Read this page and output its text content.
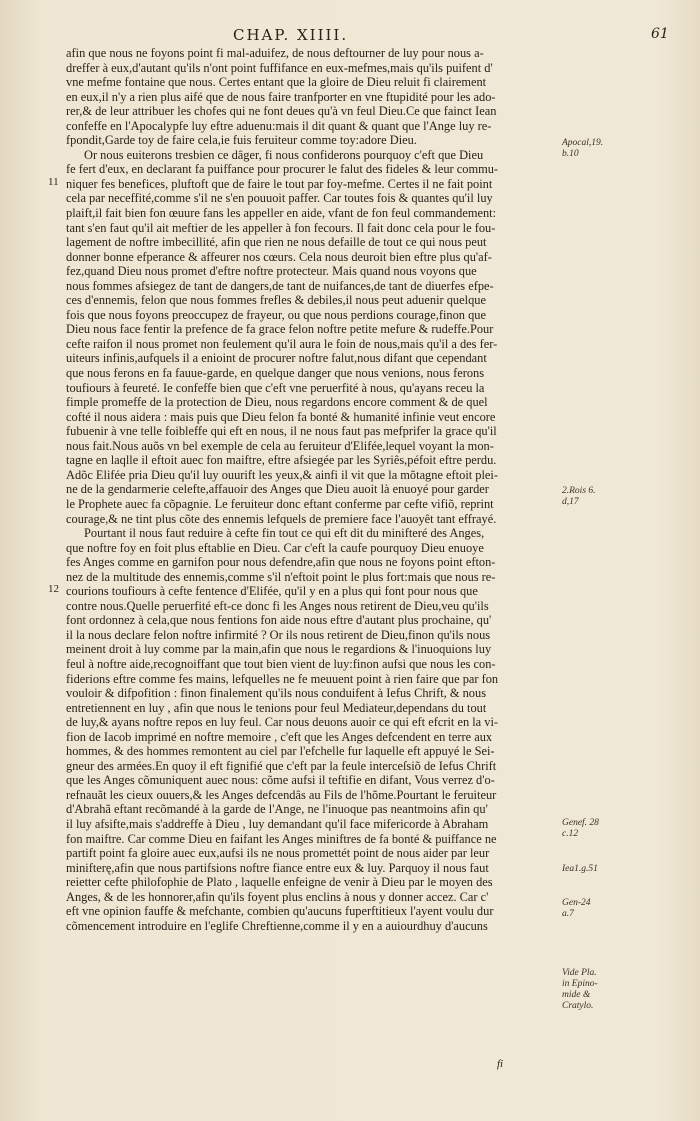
CHAP. XIIII.	61
afin que nous ne foyons point fi mal-aduifez, de nous deftourner de luy pour nous a-
dreffer à eux,d'autant qu'ils n'ont point fuffifance en eux-mefmes,mais qu'ils puifent d'
vne mefme fontaine que nous. Certes entant que la gloire de Dieu reluit fi clairement
en eux,il n'y a rien plus aifé que de nous faire tranfporter en vne ftupidité pour les ado-
rer,& de leur attribuer les chofes qui ne font deues qu'à vn feul Dieu.Ce que fainct Iean
confeffe en l'Apocalypfe luy eftre aduenu:mais il dit quant & quant que l'Ange luy re-
fpondit,Garde toy de faire cela,ie fuis feruiteur comme toy:adore Dieu.
Or nous euiterons tresbien ce dâger, fi nous confiderons pourquoy c'eft que Dieu
fe fert d'eux, en declarant fa puiffance pour procurer le falut des fideles & leur commu-
niquer fes benefices, pluftoft que de faire le tout par foy-mefme. Certes il ne fait point
cela par neceffité,comme s'il ne s'en pouuoit paffer. Car toutes fois & quantes qu'il luy
plaift,il fait bien fon œuure fans les appeller en aide, vfant de fon feul commandement:
tant s'en faut qu'il ait meftier de les appeller à fon fecours. Il fait donc cela pour le fou-
lagement de noftre imbecillité, afin que rien ne nous defaille de tout ce qui nous peut
donner bonne efperance & affeurer nos cœurs. Cela nous deuroit bien eftre plus qu'af-
fez,quand Dieu nous promet d'eftre noftre protecteur. Mais quand nous voyons que
nous fommes afsiegez de tant de dangers,de tant de nuifances,de tant de diuerfes efpe-
ces d'ennemis, felon que nous fommes frefles & debiles,il nous peut aduenir quelque
fois que nous foyons preoccupez de frayeur, ou que nous perdions courage,finon que
Dieu nous face fentir la prefence de fa grace felon noftre petite mefure & rudeffe.Pour
cefte raifon il nous promet non feulement qu'il aura le foin de nous,mais qu'il a des fer-
uiteurs infinis,aufquels il a enioint de procurer noftre falut,nous difant que cependant
que nous ferons en fa fauue-garde, en quelque danger que nous venions, nous ferons
toufiours à feureté. Ie confeffe bien que c'eft vne peruerfité à nous, qu'ayans receu la
fimple promeffe de la protection de Dieu, nous regardons encore comment & de quel
cofté il nous aidera : mais puis que Dieu felon fa bonté & humanité infinie veut encore
fubuenir à vne telle foibleffe qui eft en nous, il ne nous faut pas mefprifer la grace qu'il
nous fait.Nous auõs vn bel exemple de cela au feruiteur d'Elifée,lequel voyant la mon-
tagne en laqlle il eftoit auec fon maiftre, eftre afsiegée par les Syriês,péfoit eftre perdu.
Adõc Elifée pria Dieu qu'il luy ouurift les yeux,& ainfi il vit que la mõtagne eftoit plei-
ne de la gendarmerie celefte,affauoir des Anges que Dieu auoit là enuoyé pour garder
le Prophete auec fa cõpagnie. Le feruiteur donc eftant conferme par cefte vifiõ, reprint
courage,& ne tint plus cõte des ennemis lefquels de premiere face l'auoyêt tant effrayé.
Pourtant il nous faut reduire à cefte fin tout ce qui eft dit du minifteré des Anges,
que noftre foy en foit plus eftablie en Dieu. Car c'eft la caufe pourquoy Dieu enuoye
fes Anges comme en garnifon pour nous defendre,afin que nous ne foyons point efton-
nez de la multitude des ennemis,comme s'il n'eftoit point le plus fort:mais que nous re-
courions toufiours à cefte fentence d'Elifée, qu'il y en a plus qui font pour nous que
contre nous.Quelle peruerfité eft-ce donc fi les Anges nous retirent de Dieu,veu qu'ils
font ordonnez à cela,que nous fentions fon aide nous eftre d'autant plus prochaine, qu'
il la nous declare felon noftre infirmité ? Or ils nous retirent de Dieu,finon qu'ils nous
meinent droit à luy comme par la main,afin que nous le regardions & l'inuoquions luy
feul à noftre aide,recognoiffant que tout bien vient de luy:finon aufsi que nous les con-
fiderions eftre comme fes mains, lefquelles ne fe meuuent point à rien faire que par fon
vouloir & difpofition : finon finalement qu'ils nous conduifent à Iefus Chrift, & nous
entretiennent en luy , afin que nous le tenions pour feul Mediateur,dependans du tout
de luy,& ayans noftre repos en luy feul. Car nous deuons auoir ce qui eft efcrit en la vi-
fion de Iacob imprimé en noftre memoire , c'eft que les Anges defcendent en terre aux
hommes, & des hommes remontent au ciel par l'efchelle fur laquelle eft appuyé le Sei-
gneur des armées.En quoy il eft fignifié que c'eft par la feule interceſsiõ de Iefus Chrift
que les Anges cõmuniquent auec nous: cõme aufsi il teftifie en difant, Vous verrez d'o-
refnauãt les cieux ouuers,& les Anges defcendâs au Fils de l'hõme.Pourtant le feruiteur
d'Abrahã eftant recõmandé à la garde de l'Ange, ne l'inuoque pas neantmoins afin qu'
il luy afsifte,mais s'addreffe à Dieu , luy demandant qu'il face mifericorde à Abraham
fon maiftre. Car comme Dieu en faifant les Anges miniftres de fa bonté & puiffance ne
partift point fa gloire auec eux,aufsi ils ne nous promettét point de nous aider par leur
minifterę,afin que nous partifsions noftre fiance entre eux & luy. Parquoy il nous faut
reietter cefte philofophie de Plato , laquelle enfeigne de venir à Dieu par le moyen des
Anges, & de les honnorer,afin qu'ils foyent plus enclins à nous y donner accez. Car c'
eft vne opinion fauffe & mefchante, combien qu'aucuns fuperftitieux l'ayent voulu dur
cõmencement introduire en l'eglife Chreftienne,comme il y en a auiourdhuy d'aucuns
11
12
Apocal,19.
b.10
2.Rois 6.
d,17
Genef. 28
c.12
Iea1.g.51
Gen-24
a.7
Vide Pla.
in Epino-
mide &
Cratylo.
fi
